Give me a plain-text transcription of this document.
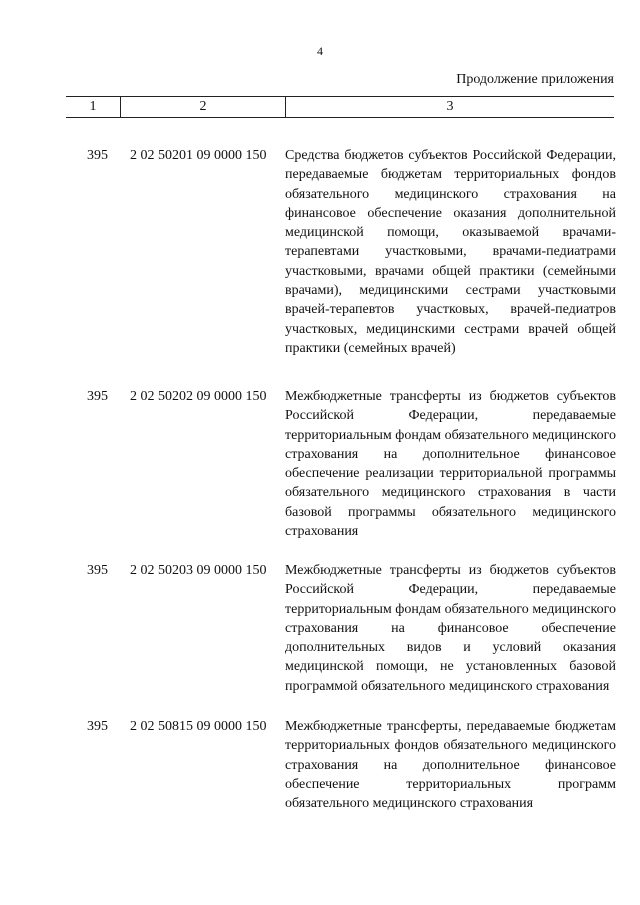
4
Продолжение приложения
1	2	3
395 2 02 50201 09 0000 150 Средства бюджетов субъектов Российской Федерации, передаваемые бюджетам территориальных фондов обязательного медицинского страхования на финансовое обеспечение оказания дополнительной медицинской помощи, оказываемой врачами-терапевтами участковыми, врачами-педиатрами участковыми, врачами общей практики (семейными врачами), медицинскими сестрами участковыми врачей-терапевтов участковых, врачей-педиатров участковых, медицинскими сестрами врачей общей практики (семейных врачей)
395 2 02 50202 09 0000 150 Межбюджетные трансферты из бюджетов субъектов Российской Федерации, передаваемые территориальным фондам обязательного медицинского страхования на дополнительное финансовое обеспечение реализации территориальной программы обязательного медицинского страхования в части базовой программы обязательного медицинского страхования
395 2 02 50203 09 0000 150 Межбюджетные трансферты из бюджетов субъектов Российской Федерации, передаваемые территориальным фондам обязательного медицинского страхования на финансовое обеспечение дополнительных видов и условий оказания медицинской помощи, не установленных базовой программой обязательного медицинского страхования
395 2 02 50815 09 0000 150 Межбюджетные трансферты, передаваемые бюджетам территориальных фондов обязательного медицинского страхования на дополнительное финансовое обеспечение территориальных программ обязательного медицинского страхования
